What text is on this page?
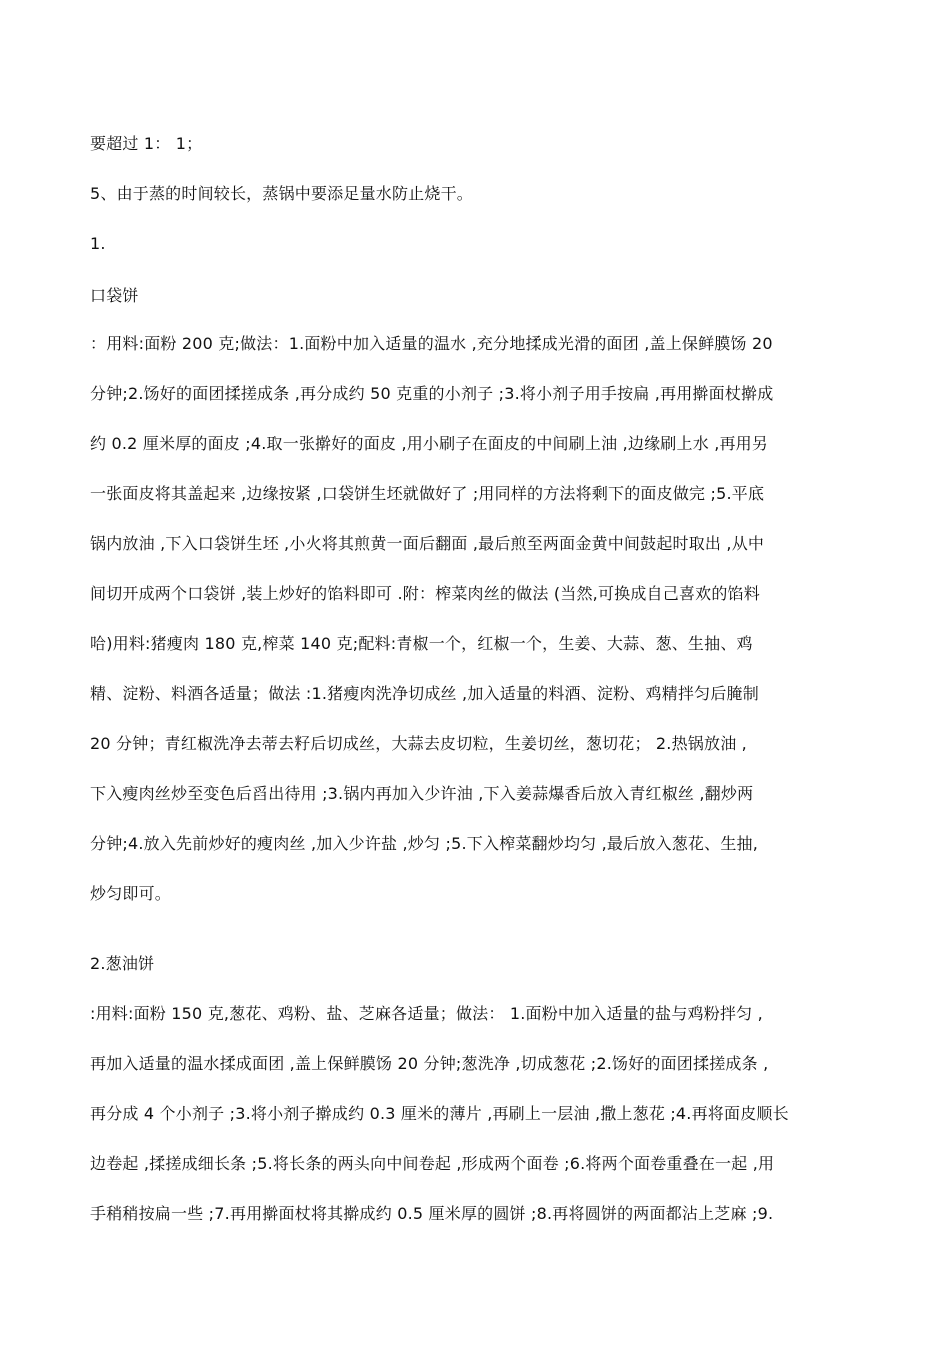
要超过 1： 1；
5、由于蒸的时间较长，蒸锅中要添足量水防止烧干。
1.
口袋饼
：用料:面粉 200 克;做法：1.面粉中加入适量的温水 ,充分地揉成光滑的面团 ,盖上保鲜膜饧 20
分钟;2.饧好的面团揉搓成条 ,再分成约 50 克重的小剂子 ;3.将小剂子用手按扁 ,再用擀面杖擀成
约 0.2 厘米厚的面皮 ;4.取一张擀好的面皮 ,用小刷子在面皮的中间刷上油 ,边缘刷上水 ,再用另
一张面皮将其盖起来 ,边缘按紧 ,口袋饼生坯就做好了 ;用同样的方法将剩下的面皮做完 ;5.平底
锅内放油 ,下入口袋饼生坯 ,小火将其煎黄一面后翻面 ,最后煎至两面金黄中间鼓起时取出 ,从中
间切开成两个口袋饼 ,装上炒好的馅料即可 .附：榨菜肉丝的做法 (当然,可换成自己喜欢的馅料
哈)用料:猪瘦肉 180 克,榨菜 140 克;配料:青椒一个，红椒一个，生姜、大蒜、葱、生抽、鸡
精、淀粉、料酒各适量；做法 :1.猪瘦肉洗净切成丝 ,加入适量的料酒、淀粉、鸡精拌匀后腌制
20 分钟；青红椒洗净去蒂去籽后切成丝，大蒜去皮切粒，生姜切丝，葱切花； 2.热锅放油 ,
下入瘦肉丝炒至变色后舀出待用 ;3.锅内再加入少许油 ,下入姜蒜爆香后放入青红椒丝 ,翻炒两
分钟;4.放入先前炒好的瘦肉丝 ,加入少许盐 ,炒匀 ;5.下入榨菜翻炒均匀 ,最后放入葱花、生抽,
炒匀即可。
2.葱油饼
:用料:面粉 150 克,葱花、鸡粉、盐、芝麻各适量；做法： 1.面粉中加入适量的盐与鸡粉拌匀 ,
再加入适量的温水揉成面团 ,盖上保鲜膜饧 20 分钟;葱洗净 ,切成葱花 ;2.饧好的面团揉搓成条 ,
再分成 4 个小剂子 ;3.将小剂子擀成约 0.3 厘米的薄片 ,再刷上一层油 ,撒上葱花 ;4.再将面皮顺长
边卷起 ,揉搓成细长条 ;5.将长条的两头向中间卷起 ,形成两个面卷 ;6.将两个面卷重叠在一起 ,用
手稍稍按扁一些 ;7.再用擀面杖将其擀成约 0.5 厘米厚的圆饼 ;8.再将圆饼的两面都沾上芝麻 ;9.
